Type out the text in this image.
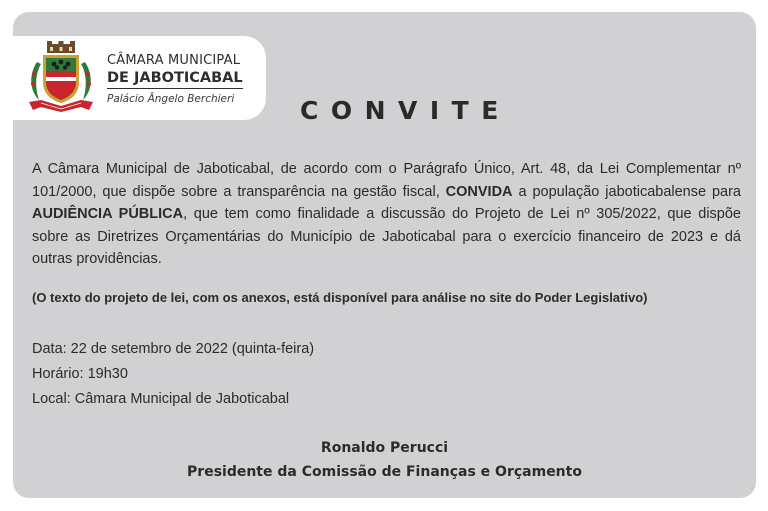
CÂMARA MUNICIPAL
DE JABOTICABAL
Palácio Ângelo Berchieri	CONVITE
A Câmara Municipal de Jaboticabal, de acordo com o Parágrafo Único, Art. 48, da Lei Complementar nº 101/2000, que dispõe sobre a transparência na gestão fiscal, CONVIDA a população jaboticabalense para AUDIÊNCIA PÚBLICA, que tem como finalidade a discussão do Projeto de Lei nº 305/2022, que dispõe sobre as Diretrizes Orçamentárias do Município de Jaboticabal para o exercício financeiro de 2023 e dá outras providências.
(O texto do projeto de lei, com os anexos, está disponível para análise no site do Poder Legislativo)
Data: 22 de setembro de 2022 (quinta-feira)
Horário: 19h30
Local: Câmara Municipal de Jaboticabal
Ronaldo Perucci
Presidente da Comissão de Finanças e Orçamento
